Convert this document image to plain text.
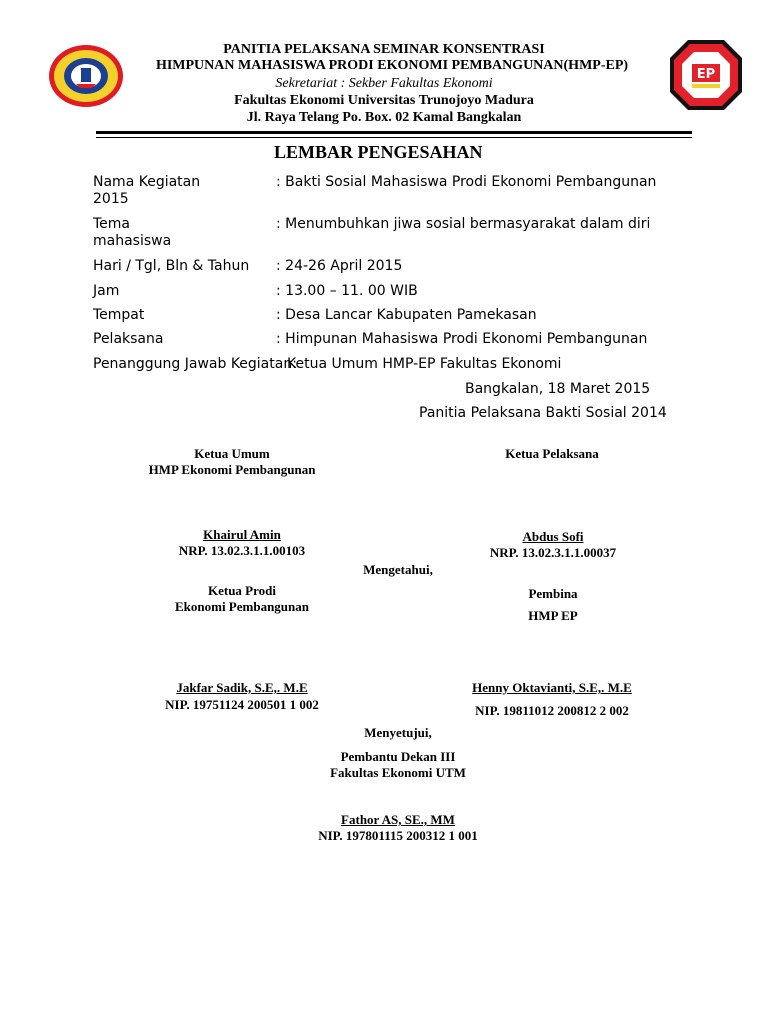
EP
PANITIA PELAKSANA SEMINAR KONSENTRASI
HIMPUNAN MAHASISWA PRODI EKONOMI PEMBANGUNAN(HMP-EP)
Sekretariat : Sekber Fakultas Ekonomi
Fakultas Ekonomi Universitas Trunojoyo Madura
Jl. Raya Telang Po. Box. 02 Kamal Bangkalan
LEMBAR PENGESAHAN
Nama Kegiatan	: Bakti Sosial Mahasiswa Prodi Ekonomi Pembangunan
2015
Tema	: Menumbuhkan jiwa sosial bermasyarakat dalam diri
mahasiswa
Hari / Tgl, Bln & Tahun : 24-26 April 2015
Jam	: 13.00 – 11. 00 WIB
Tempat	: Desa Lancar Kabupaten Pamekasan
Pelaksana	: Himpunan Mahasiswa Prodi Ekonomi Pembangunan
Penanggung Jawab Kegiatan:
Ketua Umum HMP-EP Fakultas Ekonomi
Bangkalan, 18 Maret 2015
Panitia Pelaksana Bakti Sosial 2014
Ketua Umum
HMP Ekonomi Pembangunan
Ketua Pelaksana
Khairul Amin
NRP. 13.02.3.1.1.00103
Abdus Sofi
NRP. 13.02.3.1.1.00037
Mengetahui,
Ketua Prodi
Ekonomi Pembangunan
Pembina
HMP EP
Jakfar Sadik, S.E,. M.E
NIP. 19751124 200501 1 002
Henny Oktavianti, S.E,. M.E
NIP. 19811012 200812 2 002
Menyetujui,
Pembantu Dekan III
Fakultas Ekonomi UTM
Fathor AS, SE., MM
NIP. 197801115 200312 1 001
